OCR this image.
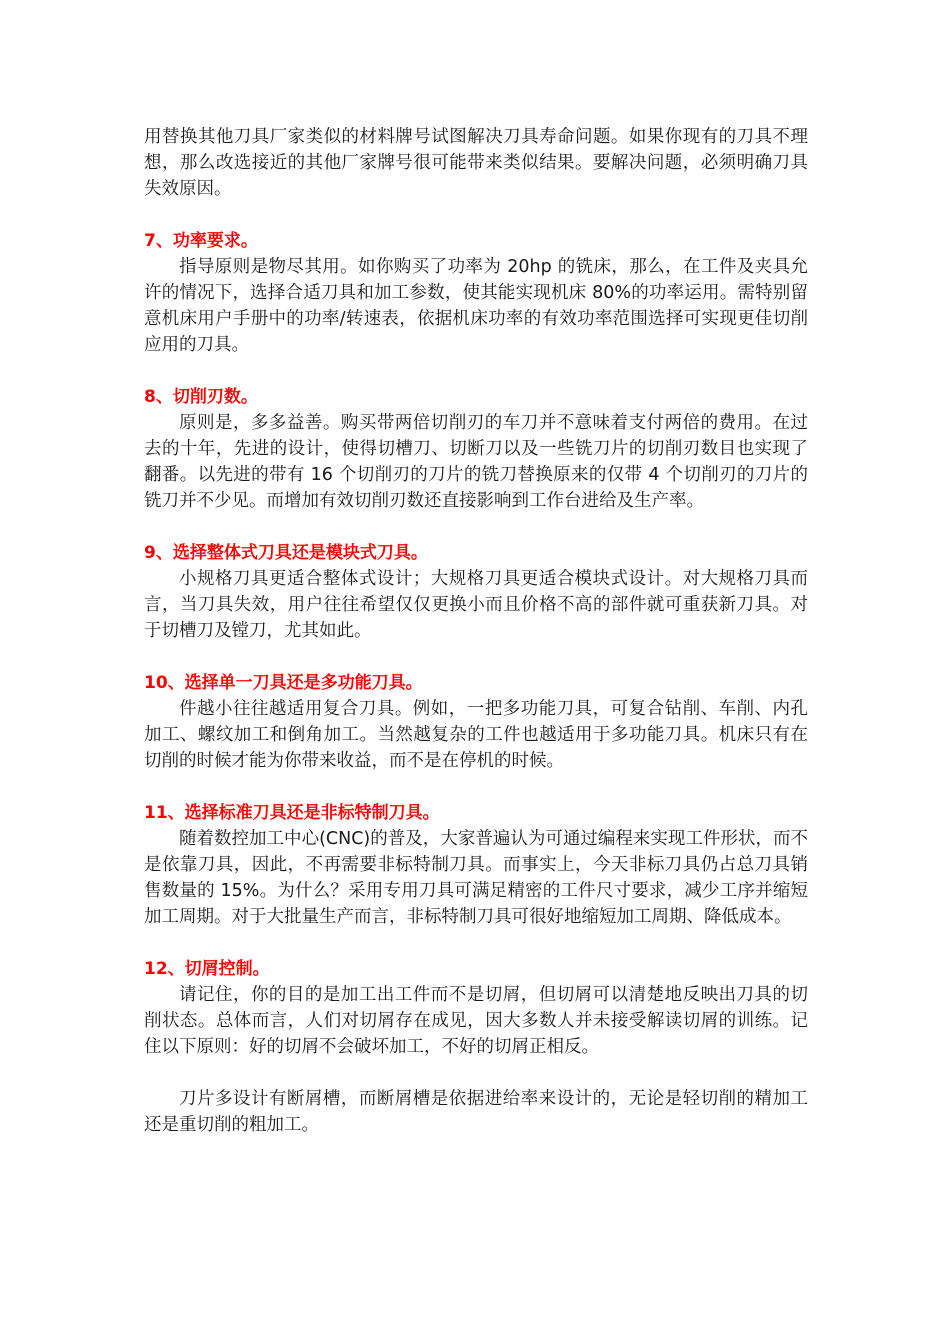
用替换其他刀具厂家类似的材料牌号试图解决刀具寿命问题。如果你现有的刀具不理想，那么改选接近的其他厂家牌号很可能带来类似结果。要解决问题，必须明确刀具失效原因。

7、功率要求。

指导原则是物尽其用。如你购买了功率为 20hp 的铣床，那么，在工件及夹具允许的情况下，选择合适刀具和加工参数，使其能实现机床 80%的功率运用。需特别留意机床用户手册中的功率/转速表，依据机床功率的有效功率范围选择可实现更佳切削应用的刀具。

8、切削刃数。

原则是，多多益善。购买带两倍切削刃的车刀并不意味着支付两倍的费用。在过去的十年，先进的设计，使得切槽刀、切断刀以及一些铣刀片的切削刃数目也实现了翻番。以先进的带有 16 个切削刃的刀片的铣刀替换原来的仅带 4 个切削刃的刀片的铣刀并不少见。而增加有效切削刃数还直接影响到工作台进给及生产率。

9、选择整体式刀具还是模块式刀具。

小规格刀具更适合整体式设计；大规格刀具更适合模块式设计。对大规格刀具而言，当刀具失效，用户往往希望仅仅更换小而且价格不高的部件就可重获新刀具。对于切槽刀及镗刀，尤其如此。

10、选择单一刀具还是多功能刀具。

件越小往往越适用复合刀具。例如，一把多功能刀具，可复合钻削、车削、内孔加工、螺纹加工和倒角加工。当然越复杂的工件也越适用于多功能刀具。机床只有在切削的时候才能为你带来收益，而不是在停机的时候。

11、选择标准刀具还是非标特制刀具。

随着数控加工中心(CNC)的普及，大家普遍认为可通过编程来实现工件形状，而不是依靠刀具，因此，不再需要非标特制刀具。而事实上，今天非标刀具仍占总刀具销售数量的 15%。为什么？采用专用刀具可满足精密的工件尺寸要求，减少工序并缩短加工周期。对于大批量生产而言，非标特制刀具可很好地缩短加工周期、降低成本。

12、切屑控制。

请记住，你的目的是加工出工件而不是切屑，但切屑可以清楚地反映出刀具的切削状态。总体而言，人们对切屑存在成见，因大多数人并未接受解读切屑的训练。记住以下原则：好的切屑不会破坏加工，不好的切屑正相反。

刀片多设计有断屑槽，而断屑槽是依据进给率来设计的，无论是轻切削的精加工还是重切削的粗加工。
